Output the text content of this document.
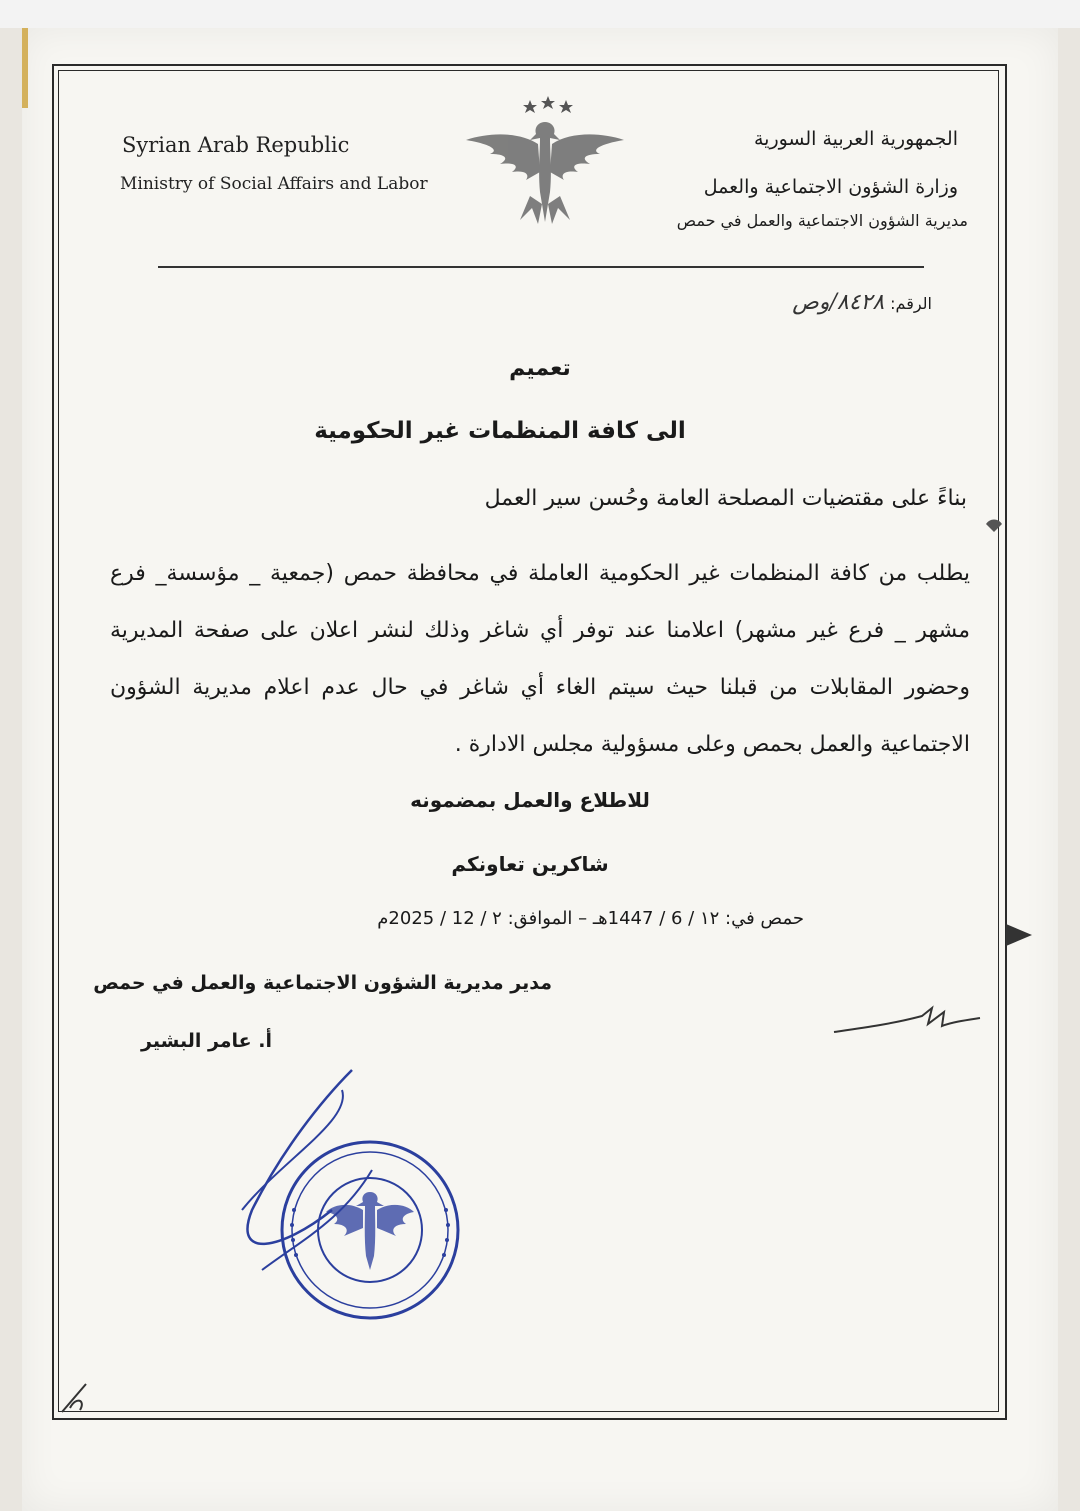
Syrian Arab Republic
Ministry of Social Affairs and Labor
الجمهورية العربية السورية
وزارة الشؤون الاجتماعية والعمل
مديرية الشؤون الاجتماعية والعمل في حمص
الرقم:٨٤٢٨/وص
تعميم
الى كافة المنظمات غير الحكومية
بناءً على مقتضيات المصلحة العامة وحُسن سير العمل
يطلب من كافة المنظمات غير الحكومية العاملة في محافظة حمص (جمعية _ مؤسسة_ فرع مشهر _ فرع غير مشهر) اعلامنا عند توفر أي شاغر وذلك لنشر اعلان على صفحة المديرية وحضور المقابلات من قبلنا حيث سيتم الغاء أي شاغر في حال عدم اعلام مديرية الشؤون الاجتماعية والعمل بحمص وعلى مسؤولية مجلس الادارة .
للاطلاع والعمل بمضمونه
شاكرين تعاونكم
حمص في: ١٢ / 6 / 1447هـ – الموافق: ٢ / 12 / 2025م
مدير مديرية الشؤون الاجتماعية والعمل في حمص
أ. عامر البشير
